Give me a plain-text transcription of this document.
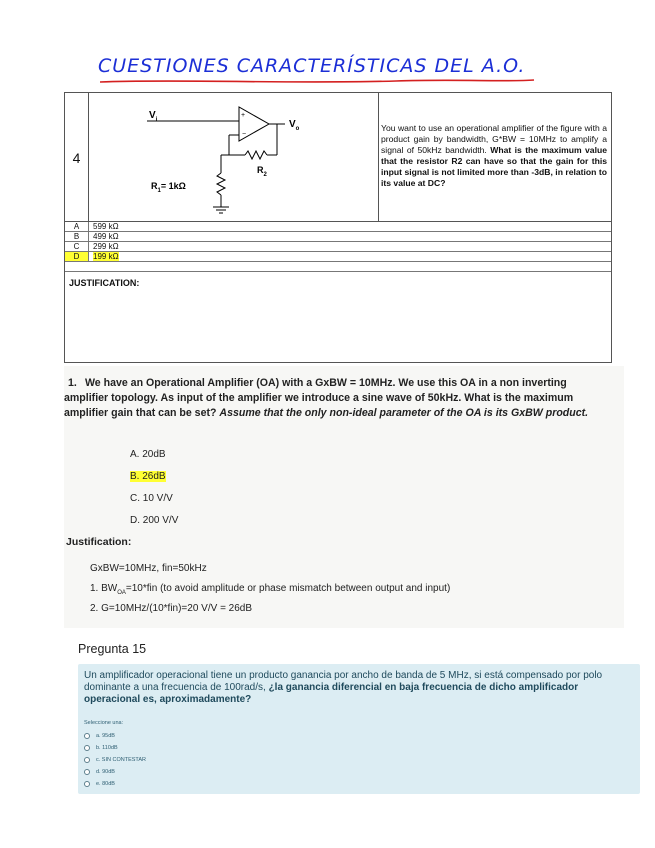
CUESTIONES CARACTERÍSTICAS DEL A.O.
4
$V_i$
+
−
$V_o$
$R_2$
$R_1= 1k\Omega$
You want to use an operational amplifier of the figure with a product gain by bandwidth, G*BW = 10MHz to amplify a signal of 50kHz bandwidth. What is the maximum value that the resistor R2 can have so that the gain for this input signal is not limited more than -3dB, in relation to its value at DC?
A	599 kΩ
B	499 kΩ
C	299 kΩ
D	199 kΩ
JUSTIFICATION:
1. We have an Operational Amplifier (OA) with a GxBW = 10MHz. We use this OA in a non inverting amplifier topology. As input of the amplifier we introduce a sine wave of 50kHz. What is the maximum amplifier gain that can be set? Assume that the only non-ideal parameter of the OA is its GxBW product.
A. 20dB
B. 26dB
C. 10 V/V
D. 200 V/V
Justification:
GxBW=10MHz, fin=50kHz
1. $BW_{OA}=10*fin$ (to avoid amplitude or phase mismatch between output and input)
2. G=10MHz/(10*fin)=20 V/V = 26dB
Pregunta 15
Un amplificador operacional tiene un producto ganancia por ancho de banda de 5 MHz, si está compensado por polo dominante a una frecuencia de 100rad/s, ¿la ganancia diferencial en baja frecuencia de dicho amplificador operacional es, aproximadamente?
Seleccione una:
a. 95dB
b. 110dB
c. SIN CONTESTAR
d. 90dB
e. 80dB
